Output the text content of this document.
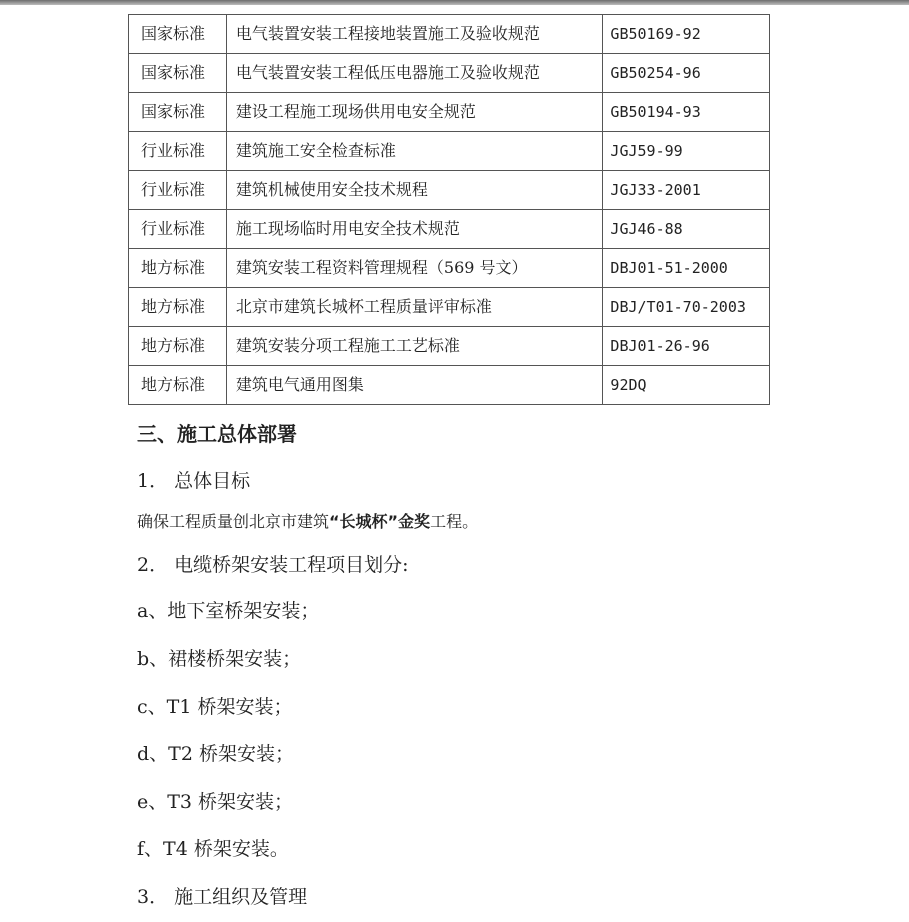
国家标准	电气装置安装工程接地装置施工及验收规范	GB50169-92
国家标准	电气装置安装工程低压电器施工及验收规范	GB50254-96
国家标准	建设工程施工现场供用电安全规范	GB50194-93
行业标准	建筑施工安全检查标准	JGJ59-99
行业标准	建筑机械使用安全技术规程	JGJ33-2001
行业标准	施工现场临时用电安全技术规范	JGJ46-88
地方标准	建筑安装工程资料管理规程（569 号文）	DBJ01-51-2000
地方标准	北京市建筑长城杯工程质量评审标准	DBJ/T01-70-2003
地方标准	建筑安装分项工程施工工艺标准	DBJ01-26-96
地方标准	建筑电气通用图集	92DQ
三、施工总体部署
1． 总体目标
确保工程质量创北京市建筑“长城杯”金奖工程。
2． 电缆桥架安装工程项目划分:
a、地下室桥架安装；
b、裙楼桥架安装；
c、T1 桥架安装；
d、T2 桥架安装；
e、T3 桥架安装；
f、T4 桥架安装。
3． 施工组织及管理
